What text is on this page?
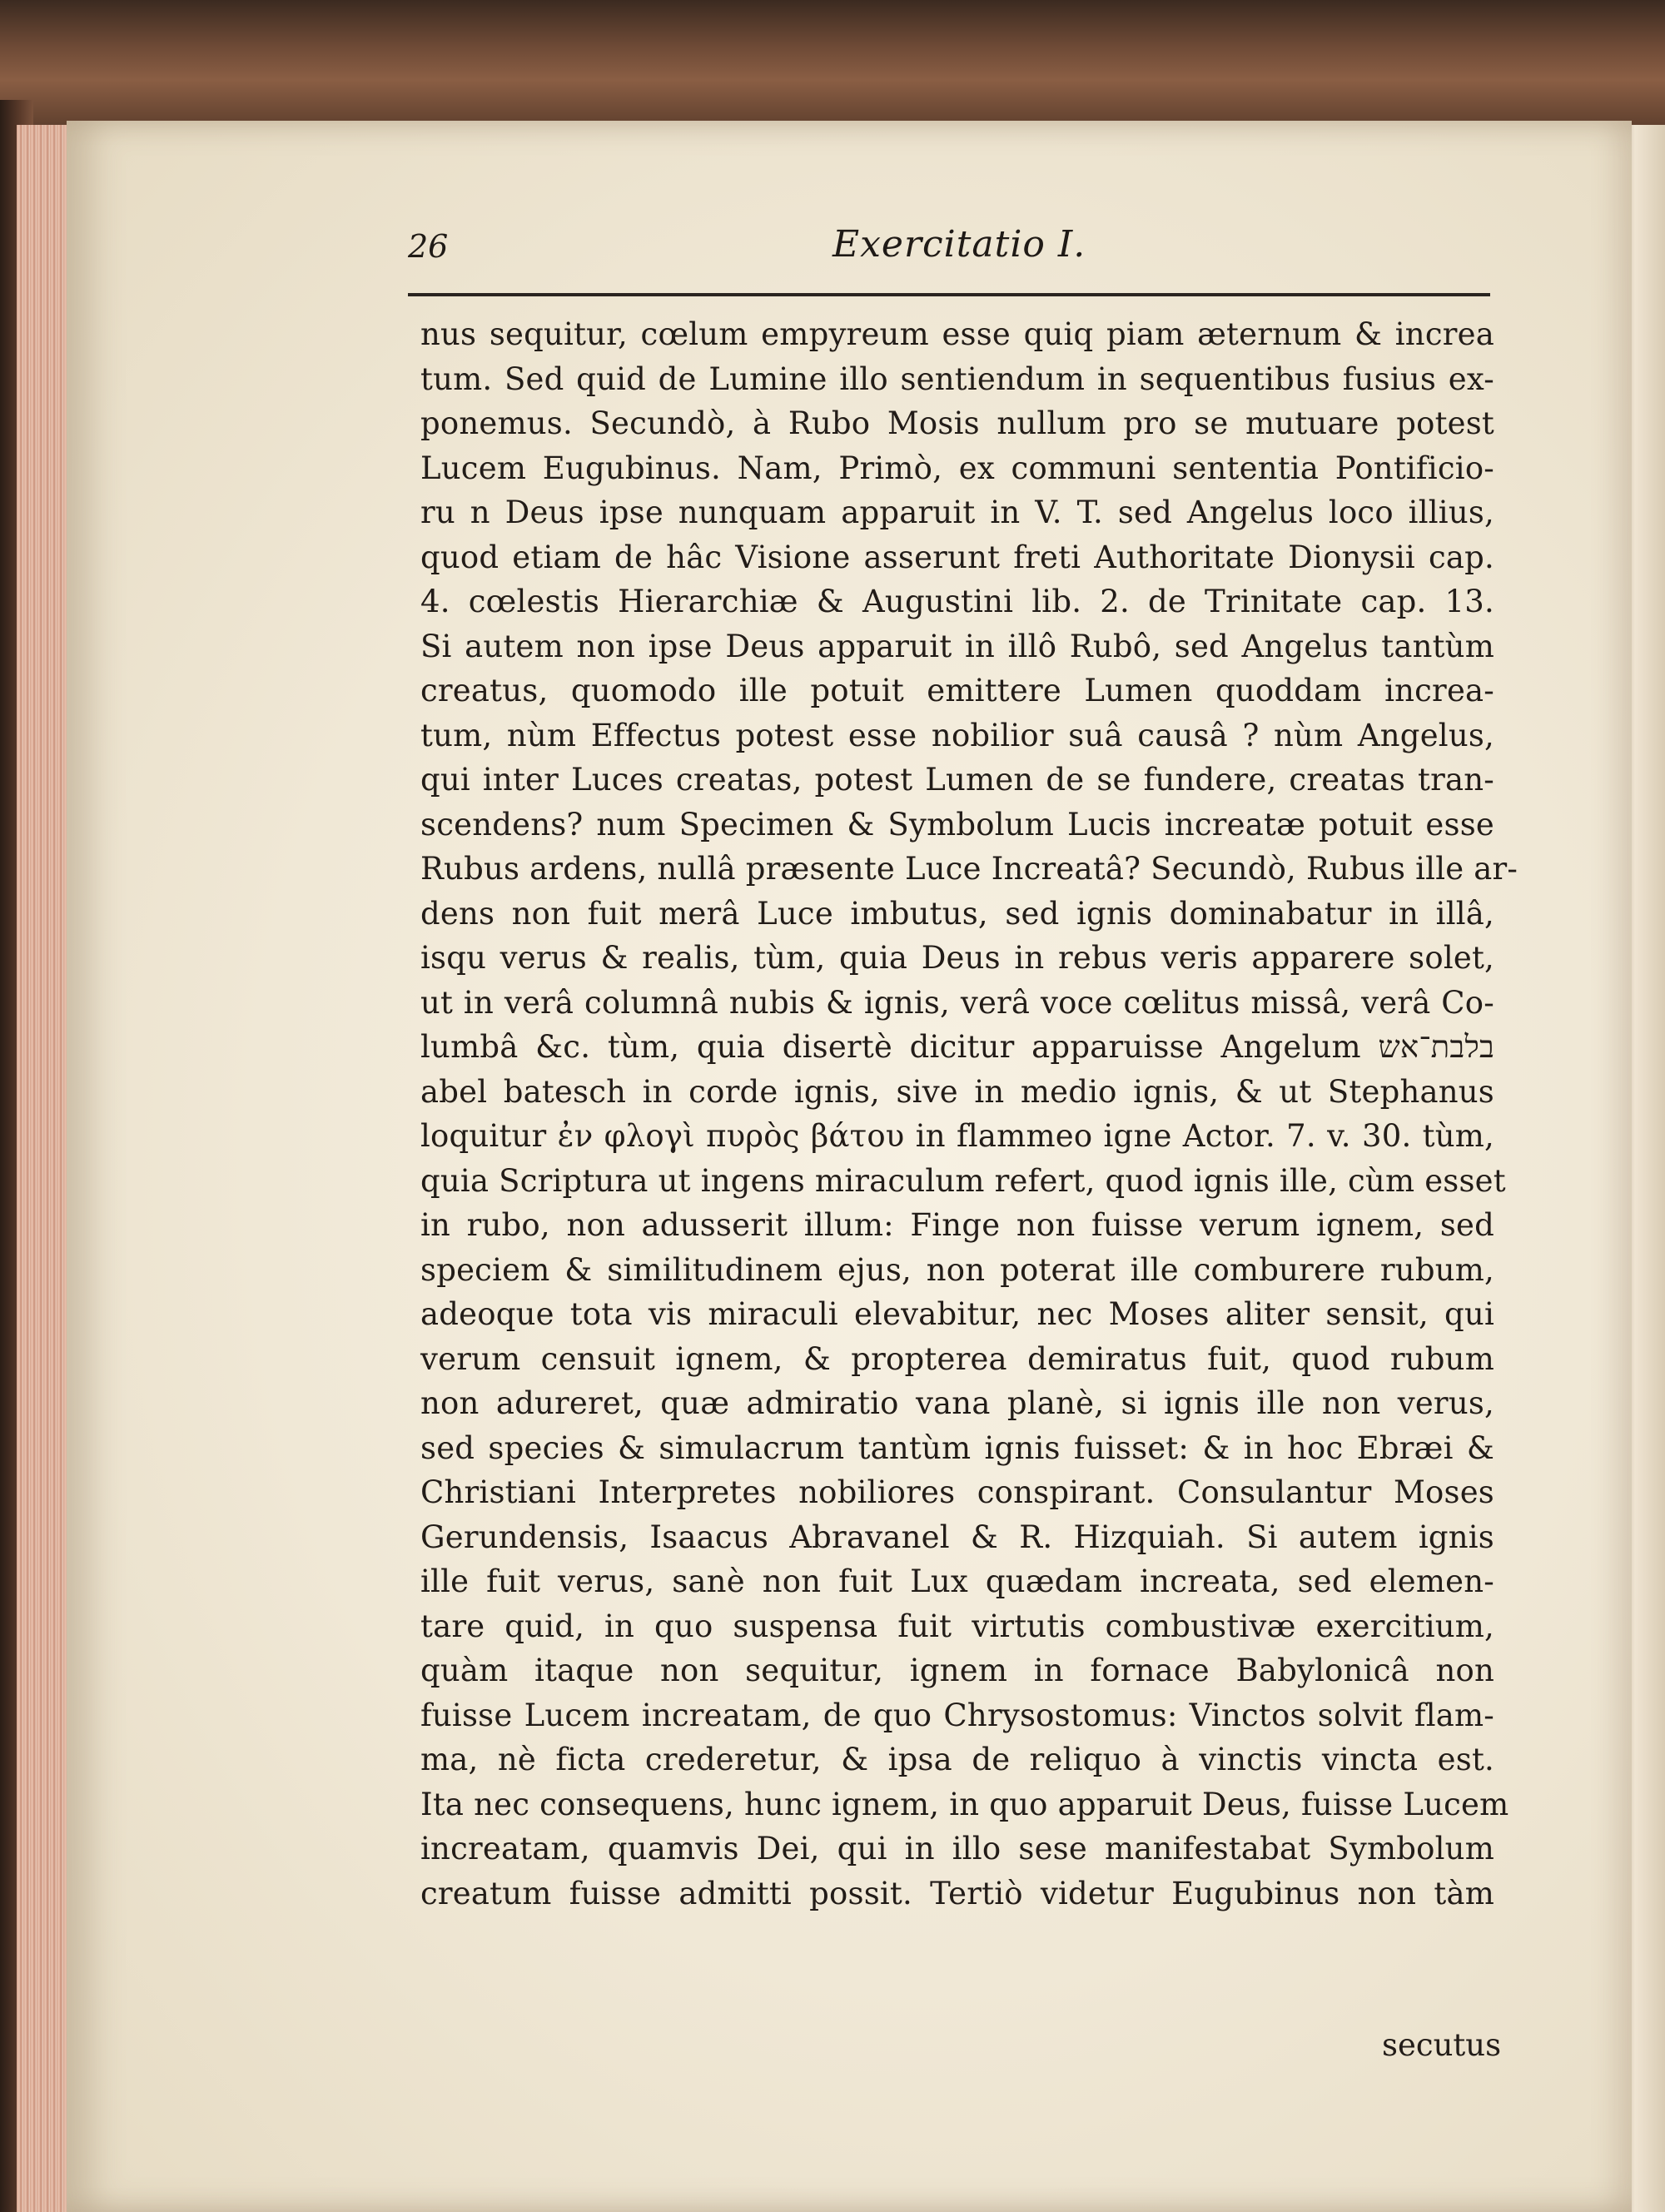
26	Exercitatio I.
nus sequitur, cœlum empyreum esse quiq piam æternum & increa
tum. Sed quid de Lumine illo sentiendum in sequentibus fusius ex-
ponemus. Secundò, à Rubo Mosis nullum pro se mutuare potest
Lucem Eugubinus. Nam, Primò, ex communi sententia Pontificio-
ru n Deus ipse nunquam apparuit in V. T. sed Angelus loco illius,
quod etiam de hâc Visione asserunt freti Authoritate Dionysii cap.
4. cœlestis Hierarchiæ & Augustini lib. 2. de Trinitate cap. 13.
Si autem non ipse Deus apparuit in illô Rubô, sed Angelus tantùm
creatus, quomodo ille potuit emittere Lumen quoddam increa-
tum, nùm Effectus potest esse nobilior suâ causâ ? nùm Angelus,
qui inter Luces creatas, potest Lumen de se fundere, creatas tran-
scendens? num Specimen & Symbolum Lucis increatæ potuit esse
Rubus ardens, nullâ præsente Luce Increatâ? Secundò, Rubus ille ar-
dens non fuit merâ Luce imbutus, sed ignis dominabatur in illâ,
isqu verus & realis, tùm, quia Deus in rebus veris apparere solet,
ut in verâ columnâ nubis & ignis, verâ voce cœlitus missâ, verâ Co-
lumbâ &c. tùm, quia disertè dicitur apparuisse Angelum בלבת־אש
abel batesch in corde ignis, sive in medio ignis, & ut Stephanus
loquitur ἐν φλογὶ πυρὸς βάτου in flammeo igne Actor. 7. v. 30. tùm,
quia Scriptura ut ingens miraculum refert, quod ignis ille, cùm esset
in rubo, non adusserit illum: Finge non fuisse verum ignem, sed
speciem & similitudinem ejus, non poterat ille comburere rubum,
adeoque tota vis miraculi elevabitur, nec Moses aliter sensit, qui
verum censuit ignem, & propterea demiratus fuit, quod rubum
non adureret, quæ admiratio vana planè, si ignis ille non verus,
sed species & simulacrum tantùm ignis fuisset: & in hoc Ebræi &
Christiani Interpretes nobiliores conspirant. Consulantur Moses
Gerundensis, Isaacus Abravanel & R. Hizquiah. Si autem ignis
ille fuit verus, sanè non fuit Lux quædam increata, sed elemen-
tare quid, in quo suspensa fuit virtutis combustivæ exercitium,
quàm itaque non sequitur, ignem in fornace Babylonicâ non
fuisse Lucem increatam, de quo Chrysostomus: Vinctos solvit flam-
ma, nè ficta crederetur, & ipsa de reliquo à vinctis vincta est.
Ita nec consequens, hunc ignem, in quo apparuit Deus, fuisse Lucem
increatam, quamvis Dei, qui in illo sese manifestabat Symbolum
creatum fuisse admitti possit. Tertiò videtur Eugubinus non tàm
secutus
